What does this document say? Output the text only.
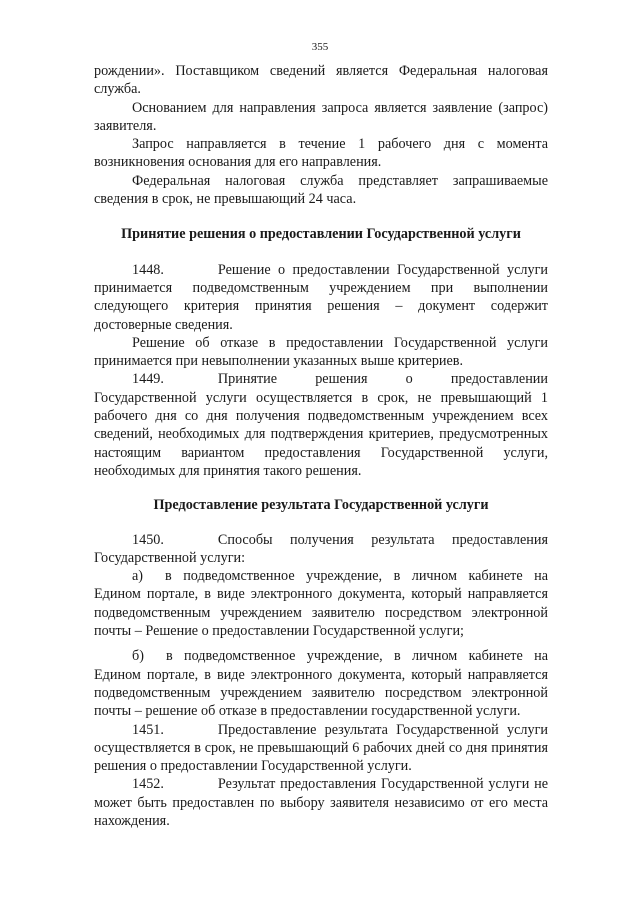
355

рождении». Поставщиком сведений является Федеральная налоговая служба.

Основанием для направления запроса является заявление (запрос) заявителя.

Запрос направляется в течение 1 рабочего дня с момента возникновения основания для его направления.

Федеральная налоговая служба представляет запрашиваемые сведения в срок, не превышающий 24 часа.

Принятие решения о предоставлении Государственной услуги

1448.	Решение о предоставлении Государственной услуги принимается подведомственным учреждением при выполнении следующего критерия принятия решения – документ содержит достоверные сведения.

Решение об отказе в предоставлении Государственной услуги принимается при невыполнении указанных выше критериев.

1449.	Принятие решения о предоставлении Государственной услуги осуществляется в срок, не превышающий 1 рабочего дня со дня получения подведомственным учреждением всех сведений, необходимых для подтверждения критериев, предусмотренных настоящим вариантом предоставления Государственной услуги, необходимых для принятия такого решения.

Предоставление результата Государственной услуги

1450.	Способы получения результата предоставления Государственной услуги:

а) в подведомственное учреждение, в личном кабинете на Едином портале, в виде электронного документа, который направляется подведомственным учреждением заявителю посредством электронной почты – Решение о предоставлении Государственной услуги;

б) в подведомственное учреждение, в личном кабинете на Едином портале, в виде электронного документа, который направляется подведомственным учреждением заявителю посредством электронной почты – решение об отказе в предоставлении государственной услуги.

1451.	Предоставление результата Государственной услуги осуществляется в срок, не превышающий 6 рабочих дней со дня принятия решения о предоставлении Государственной услуги.

1452.	Результат предоставления Государственной услуги не может быть предоставлен по выбору заявителя независимо от его места нахождения.
